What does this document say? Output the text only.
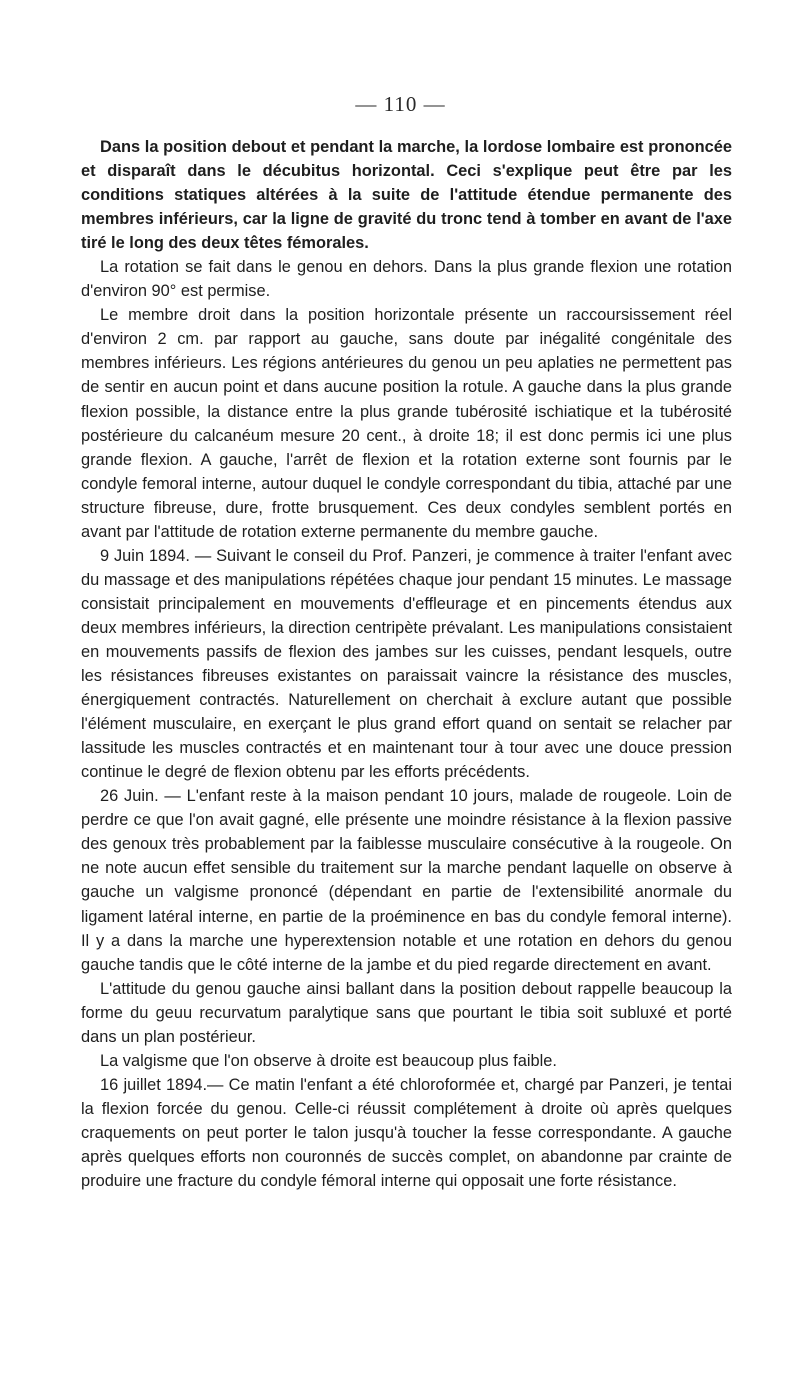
— 110 —

Dans la position debout et pendant la marche, la lordose lombaire est prononcée et disparaît dans le décubitus horizontal. Ceci s'explique peut être par les conditions statiques altérées à la suite de l'attitude étendue permanente des membres inférieurs, car la ligne de gravité du tronc tend à tomber en avant de l'axe tiré le long des deux têtes fémorales.

La rotation se fait dans le genou en dehors. Dans la plus grande flexion une rotation d'environ 90° est permise.

Le membre droit dans la position horizontale présente un raccoursissement réel d'environ 2 cm. par rapport au gauche, sans doute par inégalité congénitale des membres inférieurs. Les régions antérieures du genou un peu aplaties ne permettent pas de sentir en aucun point et dans aucune position la rotule. A gauche dans la plus grande flexion possible, la distance entre la plus grande tubérosité ischiatique et la tubérosité postérieure du calcanéum mesure 20 cent., à droite 18; il est donc permis ici une plus grande flexion. A gauche, l'arrêt de flexion et la rotation externe sont fournis par le condyle femoral interne, autour duquel le condyle correspondant du tibia, attaché par une structure fibreuse, dure, frotte brusquement. Ces deux condyles semblent portés en avant par l'attitude de rotation externe permanente du membre gauche.

9 Juin 1894. — Suivant le conseil du Prof. Panzeri, je commence à traiter l'enfant avec du massage et des manipulations répétées chaque jour pendant 15 minutes. Le massage consistait principalement en mouvements d'effleurage et en pincements étendus aux deux membres inférieurs, la direction centripète prévalant. Les manipulations consistaient en mouvements passifs de flexion des jambes sur les cuisses, pendant lesquels, outre les résistances fibreuses existantes on paraissait vaincre la résistance des muscles, énergiquement contractés. Naturellement on cherchait à exclure autant que possible l'élément musculaire, en exerçant le plus grand effort quand on sentait se relacher par lassitude les muscles contractés et en maintenant tour à tour avec une douce pression continue le degré de flexion obtenu par les efforts précédents.

26 Juin. — L'enfant reste à la maison pendant 10 jours, malade de rougeole. Loin de perdre ce que l'on avait gagné, elle présente une moindre résistance à la flexion passive des genoux très probablement par la faiblesse musculaire consécutive à la rougeole. On ne note aucun effet sensible du traitement sur la marche pendant laquelle on observe à gauche un valgisme prononcé (dépendant en partie de l'extensibilité anormale du ligament latéral interne, en partie de la proéminence en bas du condyle femoral interne). Il y a dans la marche une hyperextension notable et une rotation en dehors du genou gauche tandis que le côté interne de la jambe et du pied regarde directement en avant.

L'attitude du genou gauche ainsi ballant dans la position debout rappelle beaucoup la forme du geuu recurvatum paralytique sans que pourtant le tibia soit subluxé et porté dans un plan postérieur.

La valgisme que l'on observe à droite est beaucoup plus faible.

16 juillet 1894.— Ce matin l'enfant a été chloroformée et, chargé par Panzeri, je tentai la flexion forcée du genou. Celle-ci réussit complétement à droite où après quelques craquements on peut porter le talon jusqu'à toucher la fesse correspondante. A gauche après quelques efforts non couronnés de succès complet, on abandonne par crainte de produire une fracture du condyle fémoral interne qui opposait une forte résistance.
